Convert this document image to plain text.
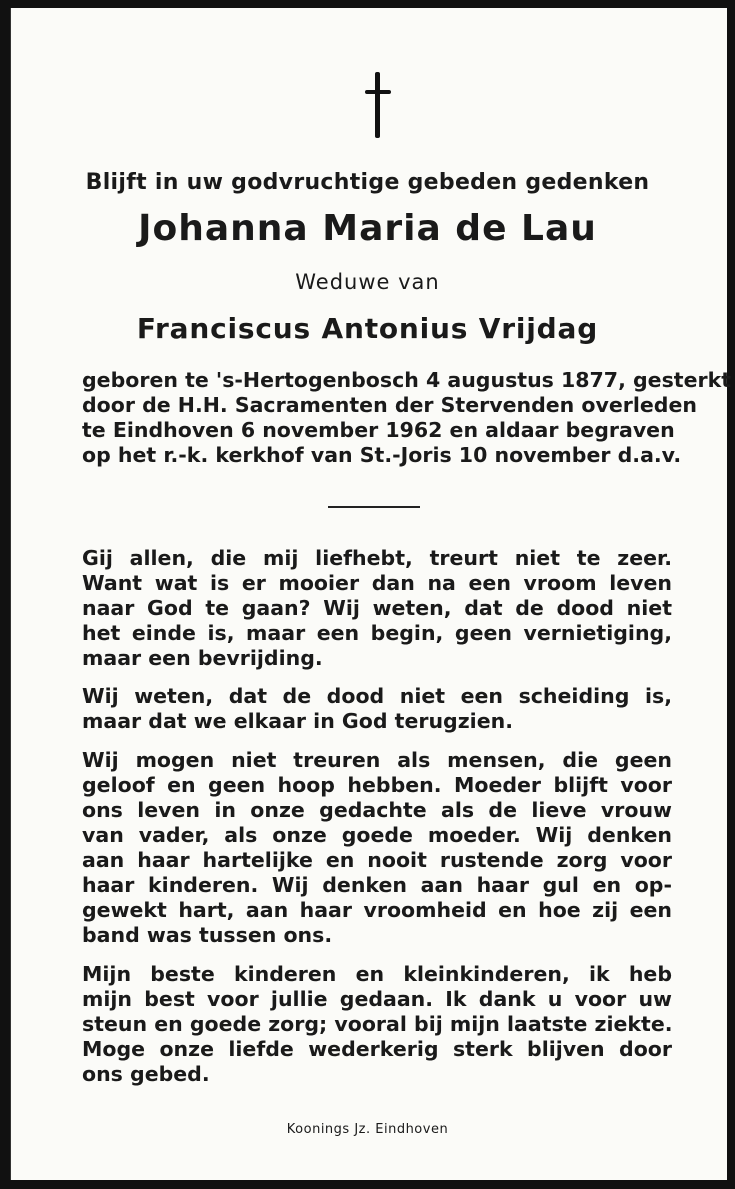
Blijft in uw godvruchtige gebeden gedenken
Johanna Maria de Lau
Weduwe van
Franciscus Antonius Vrijdag
geboren te 's-Hertogenbosch 4 augustus 1877, gesterkt
door de H.H. Sacramenten der Stervenden overleden
te Eindhoven 6 november 1962 en aldaar begraven
op het r.-k. kerkhof van St.-Joris 10 november d.a.v.
Gij allen, die mij liefhebt, treurt niet te zeer.
Want wat is er mooier dan na een vroom leven
naar God te gaan? Wij weten, dat de dood niet
het einde is, maar een begin, geen vernietiging,
maar een bevrijding.
Wij weten, dat de dood niet een scheiding is,
maar dat we elkaar in God terugzien.
Wij mogen niet treuren als mensen, die geen
geloof en geen hoop hebben. Moeder blijft voor
ons leven in onze gedachte als de lieve vrouw
van vader, als onze goede moeder. Wij denken
aan haar hartelijke en nooit rustende zorg voor
haar kinderen. Wij denken aan haar gul en op-
gewekt hart, aan haar vroomheid en hoe zij een
band was tussen ons.
Mijn beste kinderen en kleinkinderen, ik heb
mijn best voor jullie gedaan. Ik dank u voor uw
steun en goede zorg; vooral bij mijn laatste ziekte.
Moge onze liefde wederkerig sterk blijven door
ons gebed.
Koonings Jz. Eindhoven
